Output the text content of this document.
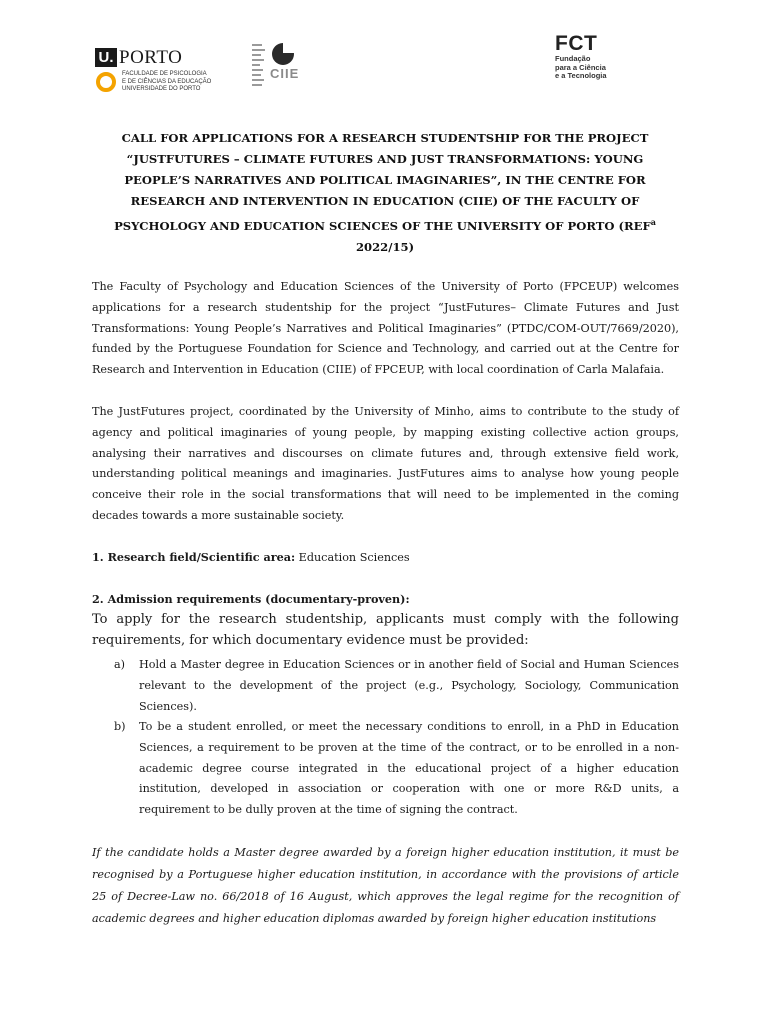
U. PORTO
FACULDADE DE PSICOLOGIA
E DE CIÊNCIAS DA EDUCAÇÃO
UNIVERSIDADE DO PORTO
CIIE
FCT
Fundação
para a Ciência
e a Tecnologia
CALL FOR APPLICATIONS FOR A RESEARCH STUDENTSHIP FOR THE PROJECT
“JUSTFUTURES – CLIMATE FUTURES AND JUST TRANSFORMATIONS: YOUNG
PEOPLE’S NARRATIVES AND POLITICAL IMAGINARIES”, IN THE CENTRE FOR
RESEARCH AND INTERVENTION IN EDUCATION (CIIE) OF THE FACULTY OF
PSYCHOLOGY AND EDUCATION SCIENCES OF THE UNIVERSITY OF PORTO (REF$^a$
2022/15)
The Faculty of Psychology and Education Sciences of the University of Porto (FPCEUP) welcomes applications for a research studentship for the project “JustFutures– Climate Futures and Just Transformations: Young People’s Narratives and Political Imaginaries” (PTDC/COM-OUT/7669/2020), funded by the Portuguese Foundation for Science and Technology, and carried out at the Centre for Research and Intervention in Education (CIIE) of FPCEUP, with local coordination of Carla Malafaia.
The JustFutures project, coordinated by the University of Minho, aims to contribute to the study of agency and political imaginaries of young people, by mapping existing collective action groups, analysing their narratives and discourses on climate futures and, through extensive field work, understanding political meanings and imaginaries. JustFutures aims to analyse how young people conceive their role in the social transformations that will need to be implemented in the coming decades towards a more sustainable society.
1. Research field/Scientific area: Education Sciences
2. Admission requirements (documentary-proven):
To apply for the research studentship, applicants must comply with the following requirements, for which documentary evidence must be provided:
a) Hold a Master degree in Education Sciences or in another field of Social and Human Sciences relevant to the development of the project (e.g., Psychology, Sociology, Communication Sciences).
b) To be a student enrolled, or meet the necessary conditions to enroll, in a PhD in Education Sciences, a requirement to be proven at the time of the contract, or to be enrolled in a non-academic degree course integrated in the educational project of a higher education institution, developed in association or cooperation with one or more R&D units, a requirement to be dully proven at the time of signing the contract.
If the candidate holds a Master degree awarded by a foreign higher education institution, it must be recognised by a Portuguese higher education institution, in accordance with the provisions of article 25 of Decree-Law no. 66/2018 of 16 August, which approves the legal regime for the recognition of academic degrees and higher education diplomas awarded by foreign higher education institutions
